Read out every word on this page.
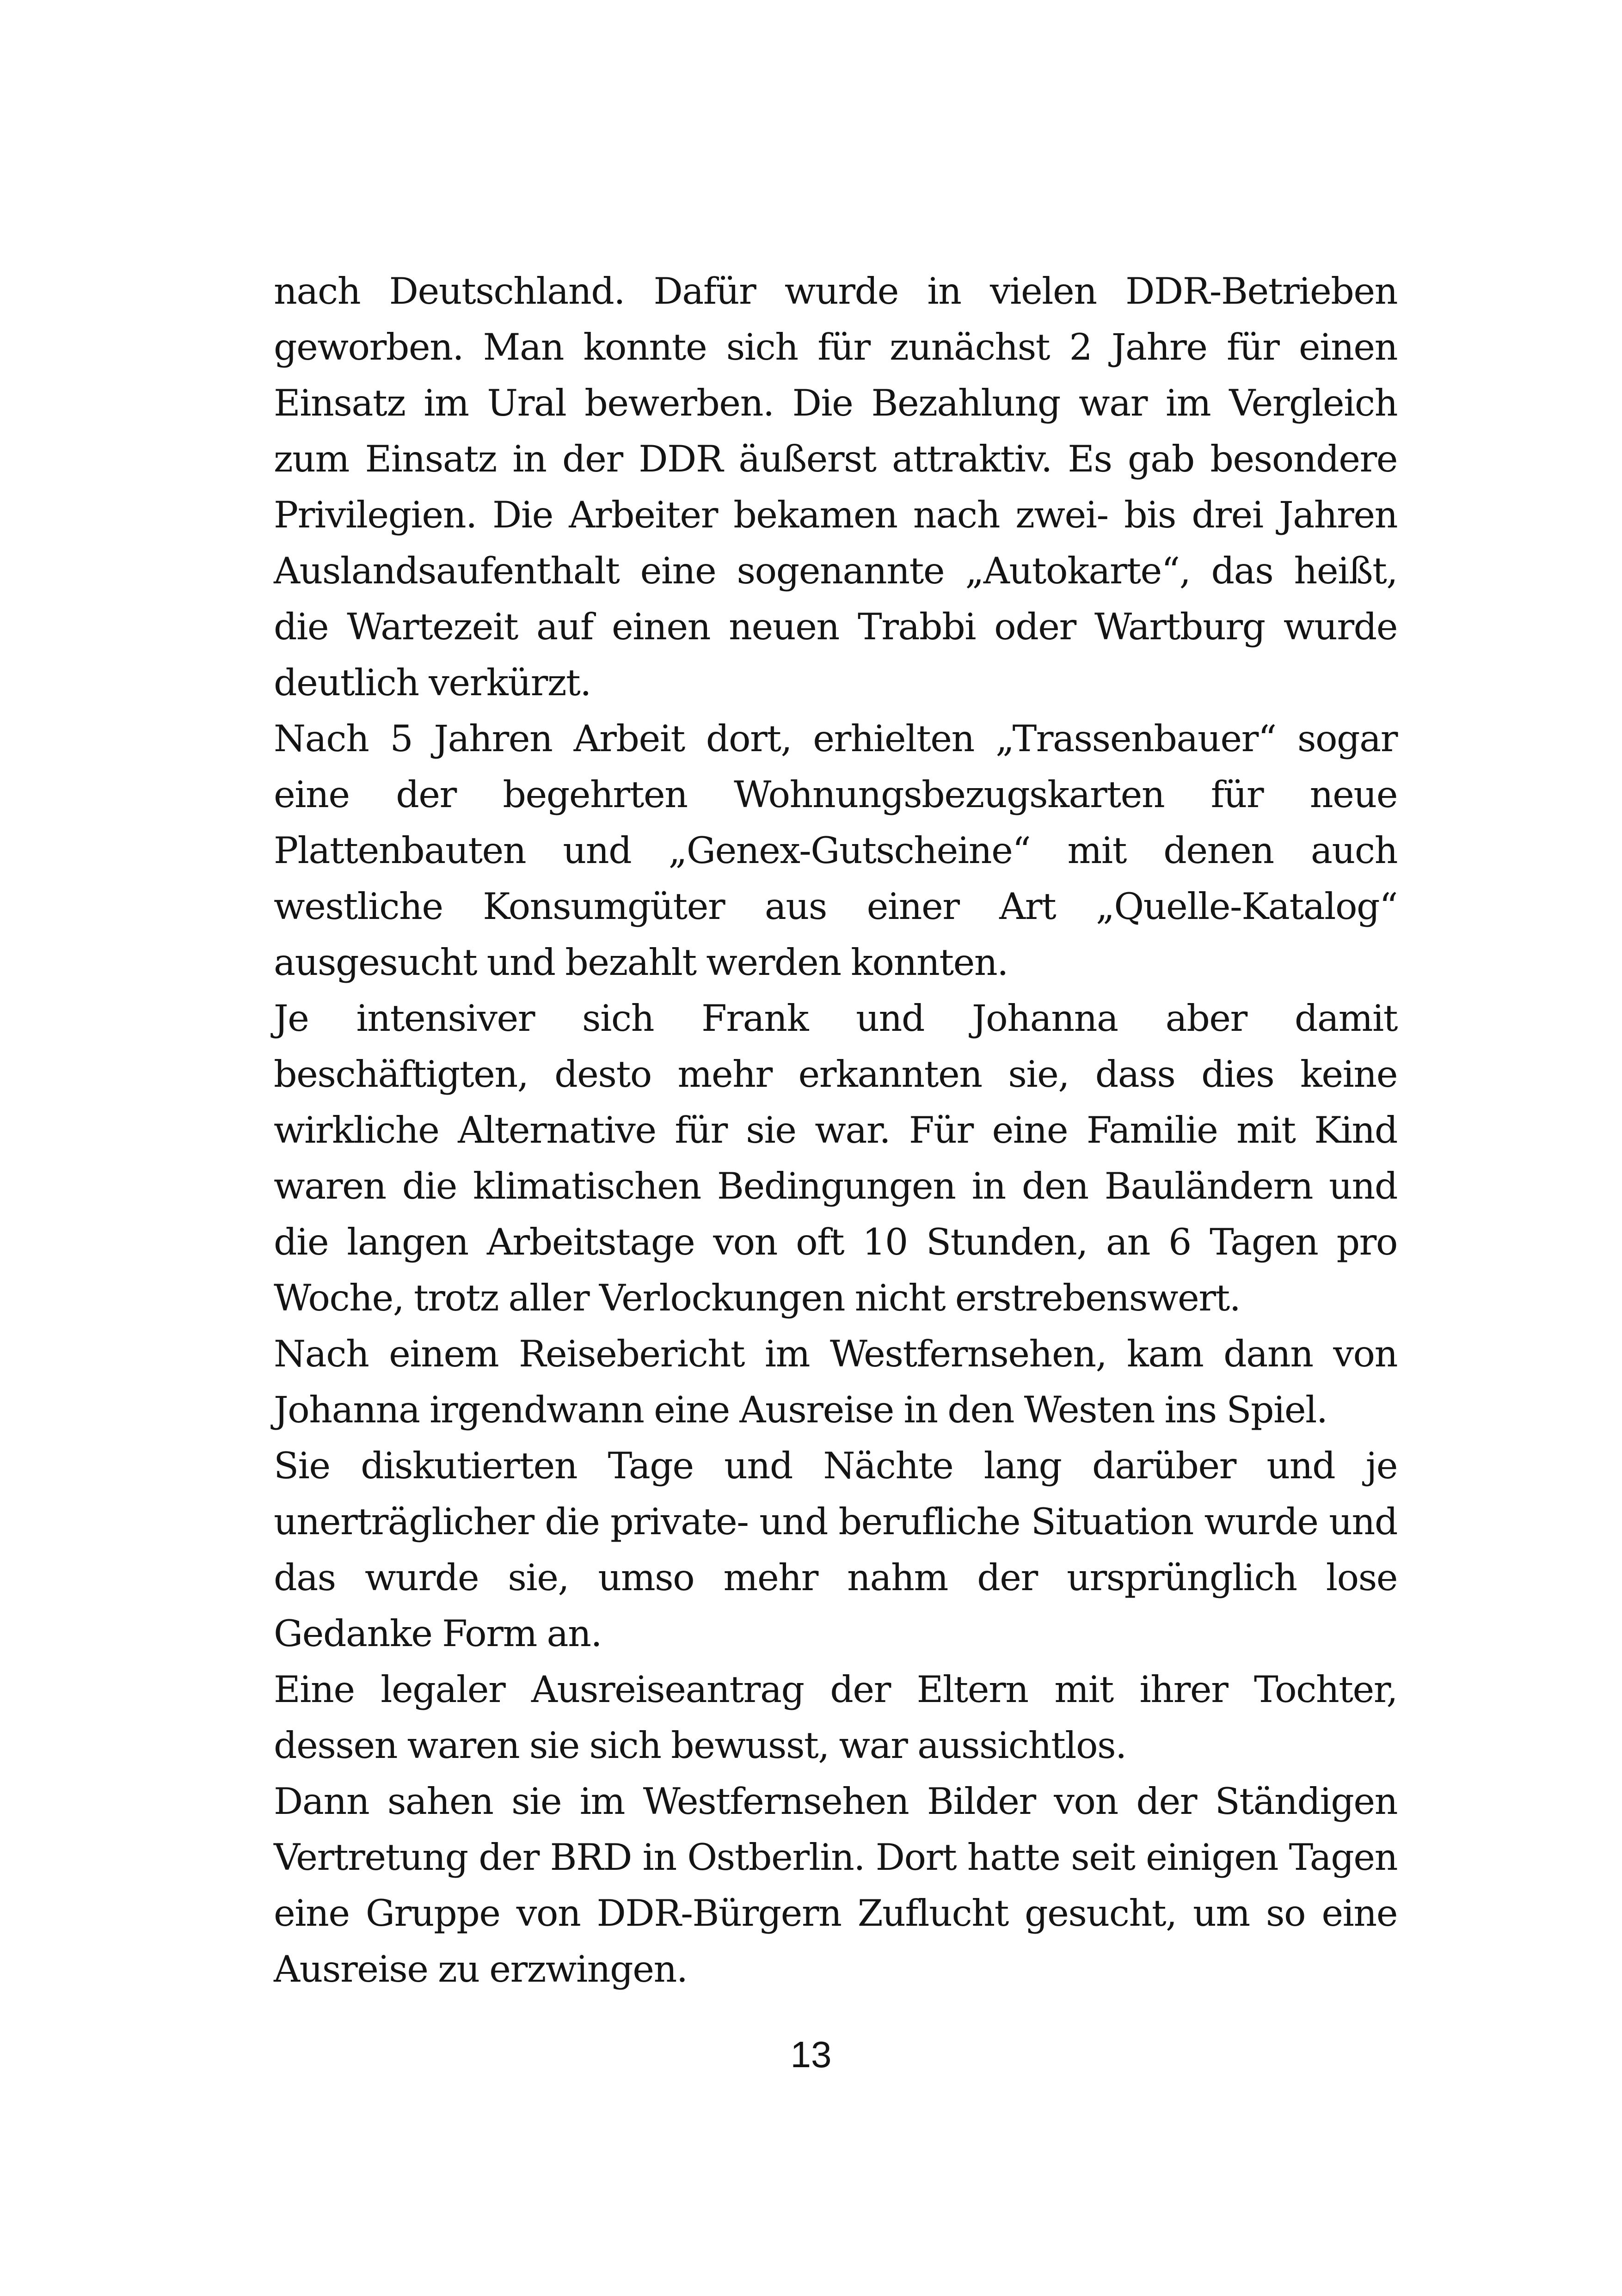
nach Deutschland. Dafür wurde in vielen DDR-Betrieben geworben. Man konnte sich für zunächst 2 Jahre für einen Einsatz im Ural bewerben. Die Bezahlung war im Vergleich zum Einsatz in der DDR äußerst attraktiv. Es gab besondere Privilegien. Die Arbeiter bekamen nach zwei- bis drei Jahren Auslandsaufenthalt eine sogenannte „Autokarte“, das heißt, die Wartezeit auf einen neuen Trabbi oder Wartburg wurde deutlich verkürzt.

Nach 5 Jahren Arbeit dort, erhielten „Trassenbauer“ sogar eine der begehrten Wohnungsbezugskarten für neue Plattenbauten und „Genex-Gutscheine“ mit denen auch westliche Konsumgüter aus einer Art „Quelle-Katalog“ ausgesucht und bezahlt werden konnten.

Je intensiver sich Frank und Johanna aber damit beschäftigten, desto mehr erkannten sie, dass dies keine wirkliche Alternative für sie war. Für eine Familie mit Kind waren die klimatischen Bedingungen in den Bauländern und die langen Arbeitstage von oft 10 Stunden, an 6 Tagen pro Woche, trotz aller Verlockungen nicht erstrebenswert.

Nach einem Reisebericht im Westfernsehen, kam dann von Johanna irgendwann eine Ausreise in den Westen ins Spiel.

Sie diskutierten Tage und Nächte lang darüber und je unerträglicher die private- und berufliche Situation wurde und das wurde sie, umso mehr nahm der ursprünglich lose Gedanke Form an.

Eine legaler Ausreiseantrag der Eltern mit ihrer Tochter, dessen waren sie sich bewusst, war aussichtlos.

Dann sahen sie im Westfernsehen Bilder von der Ständigen Vertretung der BRD in Ostberlin. Dort hatte seit einigen Tagen eine Gruppe von DDR-Bürgern Zuflucht gesucht, um so eine Ausreise zu erzwingen.

13
